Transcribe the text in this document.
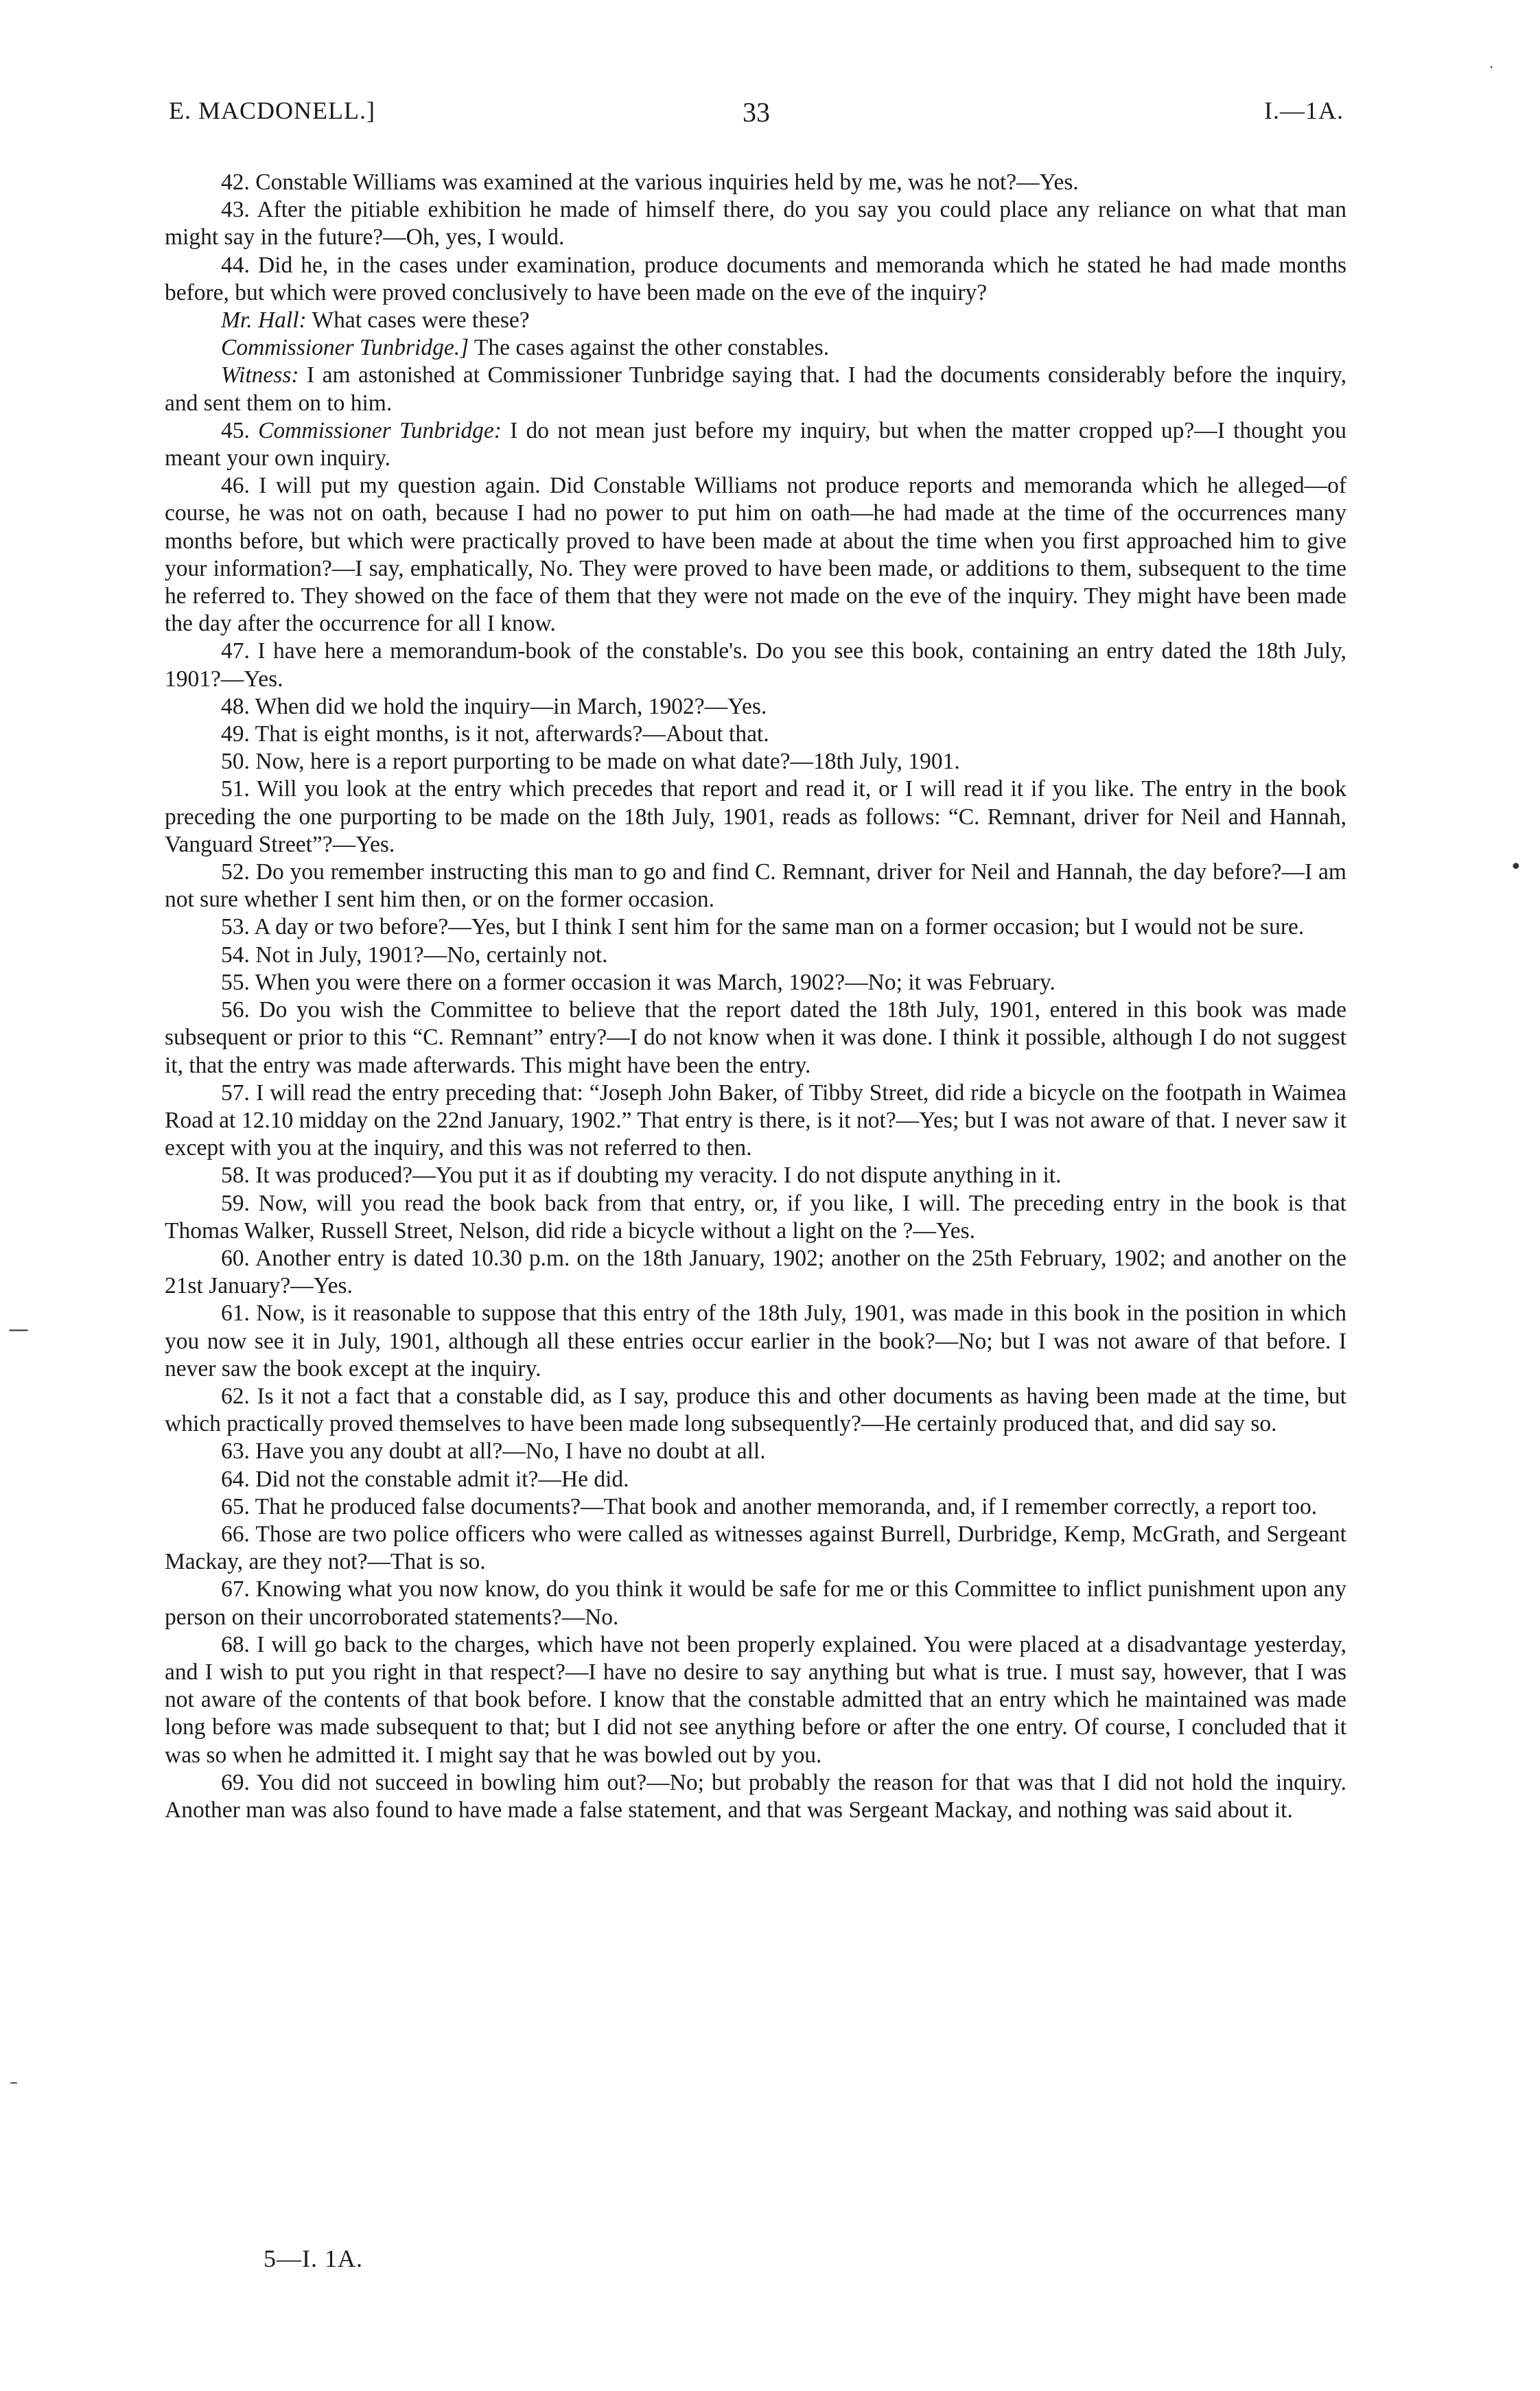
E. MACDONELL.]	33	I.—1A.

42. Constable Williams was examined at the various inquiries held by me, was he not?—Yes.

43. After the pitiable exhibition he made of himself there, do you say you could place any reliance on what that man might say in the future?—Oh, yes, I would.

44. Did he, in the cases under examination, produce documents and memoranda which he stated he had made months before, but which were proved conclusively to have been made on the eve of the inquiry?

Mr. Hall: What cases were these?

Commissioner Tunbridge.] The cases against the other constables.

Witness: I am astonished at Commissioner Tunbridge saying that. I had the documents considerably before the inquiry, and sent them on to him.

45. Commissioner Tunbridge: I do not mean just before my inquiry, but when the matter cropped up?—I thought you meant your own inquiry.

46. I will put my question again. Did Constable Williams not produce reports and memoranda which he alleged—of course, he was not on oath, because I had no power to put him on oath—he had made at the time of the occurrences many months before, but which were practically proved to have been made at about the time when you first approached him to give your information?—I say, emphatically, No. They were proved to have been made, or additions to them, subsequent to the time he referred to. They showed on the face of them that they were not made on the eve of the inquiry. They might have been made the day after the occurrence for all I know.

47. I have here a memorandum-book of the constable's. Do you see this book, containing an entry dated the 18th July, 1901?—Yes.

48. When did we hold the inquiry—in March, 1902?—Yes.

49. That is eight months, is it not, afterwards?—About that.

50. Now, here is a report purporting to be made on what date?—18th July, 1901.

51. Will you look at the entry which precedes that report and read it, or I will read it if you like. The entry in the book preceding the one purporting to be made on the 18th July, 1901, reads as follows: “C. Remnant, driver for Neil and Hannah, Vanguard Street”?—Yes.

52. Do you remember instructing this man to go and find C. Remnant, driver for Neil and Hannah, the day before?—I am not sure whether I sent him then, or on the former occasion.

53. A day or two before?—Yes, but I think I sent him for the same man on a former occasion; but I would not be sure.

54. Not in July, 1901?—No, certainly not.

55. When you were there on a former occasion it was March, 1902?—No; it was February.

56. Do you wish the Committee to believe that the report dated the 18th July, 1901, entered in this book was made subsequent or prior to this “C. Remnant” entry?—I do not know when it was done. I think it possible, although I do not suggest it, that the entry was made afterwards. This might have been the entry.

57. I will read the entry preceding that: “Joseph John Baker, of Tibby Street, did ride a bicycle on the footpath in Waimea Road at 12.10 midday on the 22nd January, 1902.” That entry is there, is it not?—Yes; but I was not aware of that. I never saw it except with you at the inquiry, and this was not referred to then.

58. It was produced?—You put it as if doubting my veracity. I do not dispute anything in it.

59. Now, will you read the book back from that entry, or, if you like, I will. The preceding entry in the book is that Thomas Walker, Russell Street, Nelson, did ride a bicycle without a light on the ?—Yes.

60. Another entry is dated 10.30 p.m. on the 18th January, 1902; another on the 25th February, 1902; and another on the 21st January?—Yes.

61. Now, is it reasonable to suppose that this entry of the 18th July, 1901, was made in this book in the position in which you now see it in July, 1901, although all these entries occur earlier in the book?—No; but I was not aware of that before. I never saw the book except at the inquiry.

62. Is it not a fact that a constable did, as I say, produce this and other documents as having been made at the time, but which practically proved themselves to have been made long subsequently?—He certainly produced that, and did say so.

63. Have you any doubt at all?—No, I have no doubt at all.

64. Did not the constable admit it?—He did.

65. That he produced false documents?—That book and another memoranda, and, if I remember correctly, a report too.

66. Those are two police officers who were called as witnesses against Burrell, Durbridge, Kemp, McGrath, and Sergeant Mackay, are they not?—That is so.

67. Knowing what you now know, do you think it would be safe for me or this Committee to inflict punishment upon any person on their uncorroborated statements?—No.

68. I will go back to the charges, which have not been properly explained. You were placed at a disadvantage yesterday, and I wish to put you right in that respect?—I have no desire to say anything but what is true. I must say, however, that I was not aware of the contents of that book before. I know that the constable admitted that an entry which he maintained was made long before was made subsequent to that; but I did not see anything before or after the one entry. Of course, I concluded that it was so when he admitted it. I might say that he was bowled out by you.

69. You did not succeed in bowling him out?—No; but probably the reason for that was that I did not hold the inquiry. Another man was also found to have made a false statement, and that was Sergeant Mackay, and nothing was said about it.

5—I. 1A.
·
•
—
–
